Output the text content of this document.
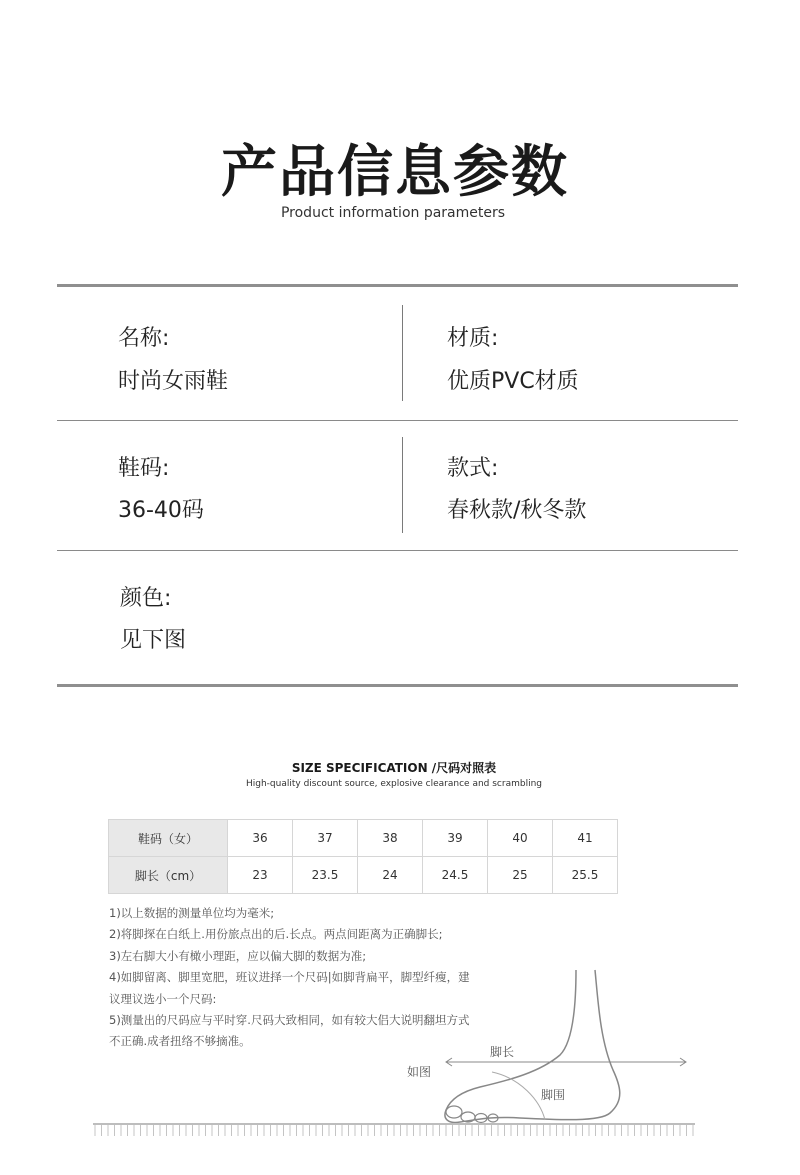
产品信息参数
Product information parameters
名称:
时尚女雨鞋
材质:
优质PVC材质
鞋码:
36-40码
款式:
春秋款/秋冬款
颜色:
见下图
SIZE SPECIFICATION /尺码对照表
High-quality discount source, explosive clearance and scrambling
鞋码（女）	36	37	38	39	40	41
脚长（cm）	23	23.5	24	24.5	25	25.5
1)以上数据的测量单位均为毫米;
2)将脚探在白纸上.用份旅点出的后.长点。两点间距离为正确脚长;
3)左右脚大小有橄小理距，应以偏大脚的数据为准;
4)如脚留离、脚里宽肥，班议进择一个尺码|如脚背扁平，脚型纤瘦，建
议理议选小一个尺码:
5)测量出的尺码应与平时穿.尺码大致相同，如有较大侣大说明翻坦方式
不正确.成者扭络不够摘准。
脚长
脚围
如图
